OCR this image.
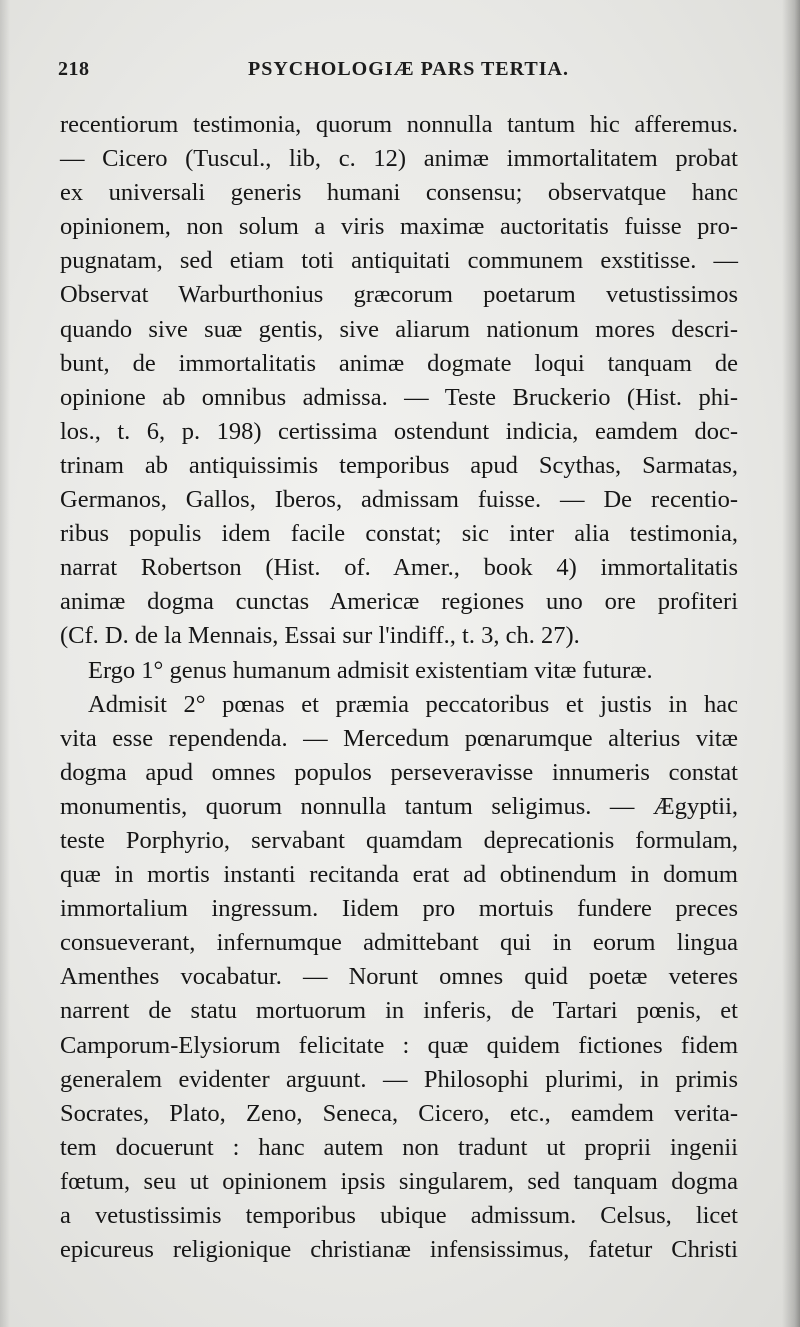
218	PSYCHOLOGIÆ PARS TERTIA.
recentiorum testimonia, quorum nonnulla tantum hic afferemus.
— Cicero (Tuscul., lib, c. 12) animæ immortalitatem probat
ex universali generis humani consensu; observatque hanc
opinionem, non solum a viris maximæ auctoritatis fuisse pro-
pugnatam, sed etiam toti antiquitati communem exstitisse. —
Observat Warburthonius græcorum poetarum vetustissimos
quando sive suæ gentis, sive aliarum nationum mores descri-
bunt, de immortalitatis animæ dogmate loqui tanquam de
opinione ab omnibus admissa. — Teste Bruckerio (Hist. phi-
los., t. 6, p. 198) certissima ostendunt indicia, eamdem doc-
trinam ab antiquissimis temporibus apud Scythas, Sarmatas,
Germanos, Gallos, Iberos, admissam fuisse. — De recentio-
ribus populis idem facile constat; sic inter alia testimonia,
narrat Robertson (Hist. of. Amer., book 4) immortalitatis
animæ dogma cunctas Americæ regiones uno ore profiteri
(Cf. D. de la Mennais, Essai sur l'indiff., t. 3, ch. 27).
Ergo 1° genus humanum admisit existentiam vitæ futuræ.
Admisit 2° pœnas et præmia peccatoribus et justis in hac
vita esse rependenda. — Mercedum pœnarumque alterius vitæ
dogma apud omnes populos perseveravisse innumeris constat
monumentis, quorum nonnulla tantum seligimus. — Ægyptii,
teste Porphyrio, servabant quamdam deprecationis formulam,
quæ in mortis instanti recitanda erat ad obtinendum in domum
immortalium ingressum. Iidem pro mortuis fundere preces
consueverant, infernumque admittebant qui in eorum lingua
Amenthes vocabatur. — Norunt omnes quid poetæ veteres
narrent de statu mortuorum in inferis, de Tartari pœnis, et
Camporum-Elysiorum felicitate : quæ quidem fictiones fidem
generalem evidenter arguunt. — Philosophi plurimi, in primis
Socrates, Plato, Zeno, Seneca, Cicero, etc., eamdem verita-
tem docuerunt : hanc autem non tradunt ut proprii ingenii
fœtum, seu ut opinionem ipsis singularem, sed tanquam dogma
a vetustissimis temporibus ubique admissum. Celsus, licet
epicureus religionique christianæ infensissimus, fatetur Christi
